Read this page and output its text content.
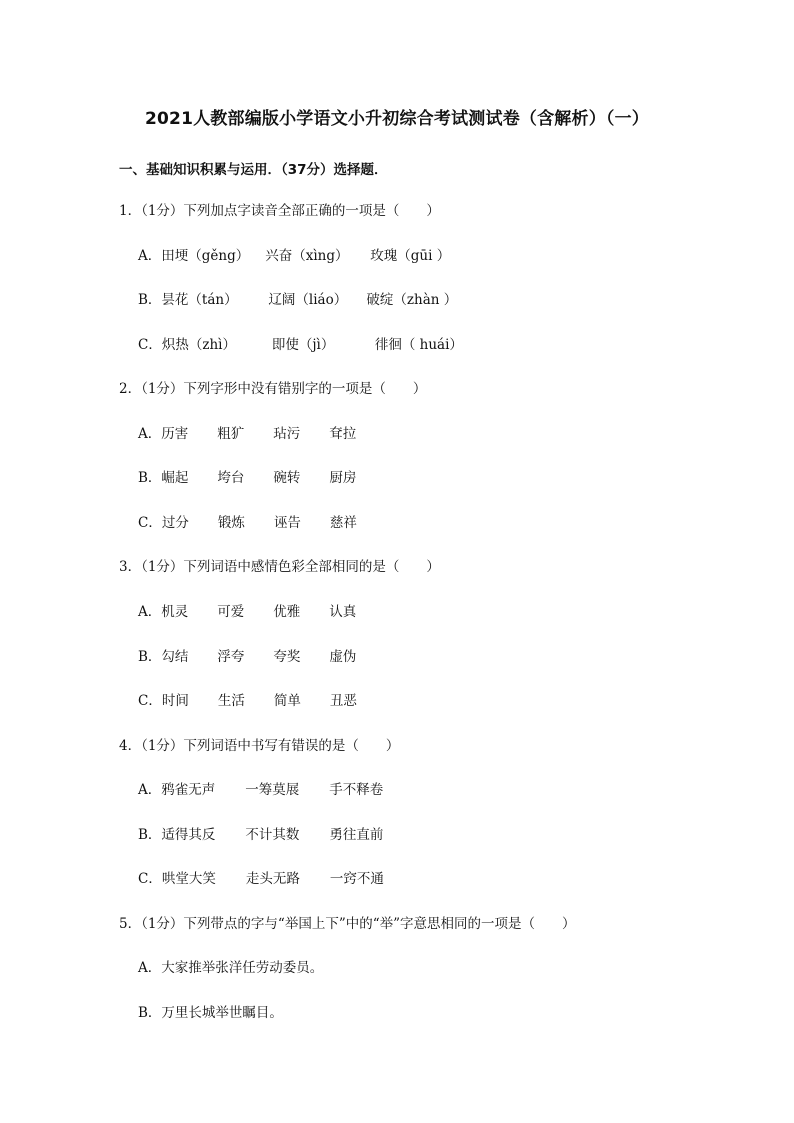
2021人教部编版小学语文小升初综合考试测试卷（含解析）（一）
一、基础知识积累与运用．（37分）选择题．
1．（1分）下列加点字读音全部正确的一项是（　　）
A．田埂（gěng） 兴奋（xìng） 玫瑰（gūi ）
B．昙花（tán） 辽阔（liáo） 破绽（zhàn ）
C．炽热（zhì）	即使（jì）	徘徊（ huái）
2．（1分）下列字形中没有错别字的一项是（　　）
A．历害 粗犷 玷污 耷拉
B．崛起 垮台 碗转 厨房
C．过分 锻炼 诬告 慈祥
3．（1分）下列词语中感情色彩全部相同的是（　　）
A．机灵 可爱 优雅 认真
B．勾结 浮夸 夸奖 虚伪
C．时间 生活 简单 丑恶
4．（1分）下列词语中书写有错误的是（　　）
A．鸦雀无声 一筹莫展 手不释卷
B．适得其反 不计其数 勇往直前
C．哄堂大笑 走头无路 一窍不通
5．（1分）下列带点的字与“举国上下”中的“举”字意思相同的一项是（　　）
A．大家推举张洋任劳动委员。
B．万里长城举世瞩目。
